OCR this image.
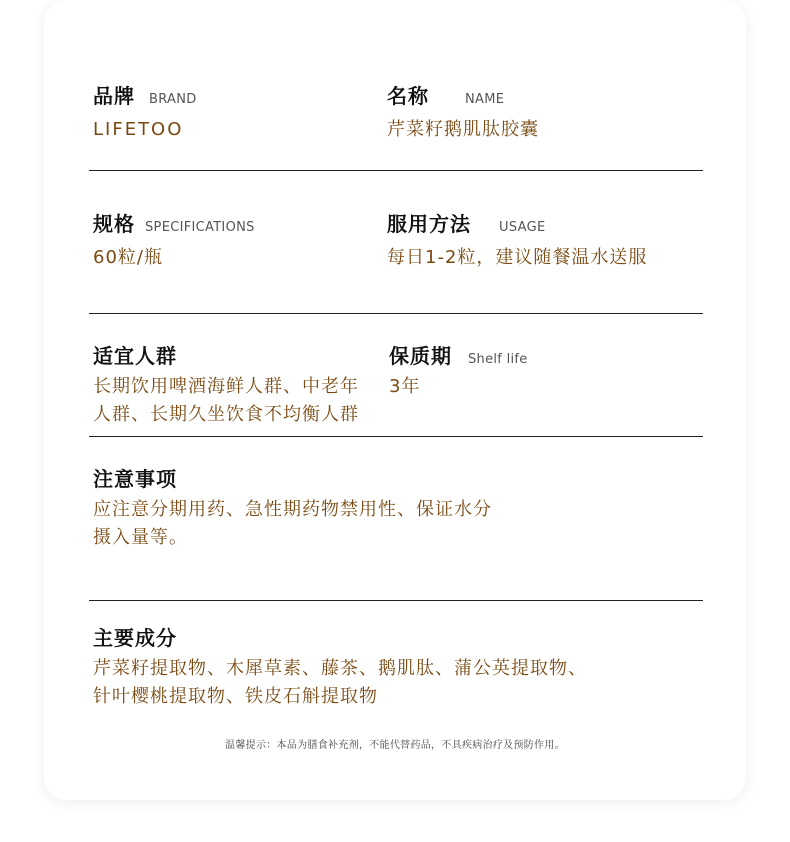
品牌 BRAND
LIFETOO
名称	NAME
芹菜籽鹅肌肽胶囊
规格 SPECIFICATIONS
60粒/瓶
服用方法 USAGE
每日1-2粒，建议随餐温水送服
适宜人群
长期饮用啤酒海鲜人群、中老年
人群、长期久坐饮食不均衡人群
保质期 Shelf life
3年
注意事项
应注意分期用药、急性期药物禁用性、保证水分
摄入量等。
主要成分
芹菜籽提取物、木犀草素、藤茶、鹅肌肽、蒲公英提取物、
针叶樱桃提取物、铁皮石斛提取物
温馨提示：本品为膳食补充剂，不能代替药品，不具疾病治疗及预防作用。
